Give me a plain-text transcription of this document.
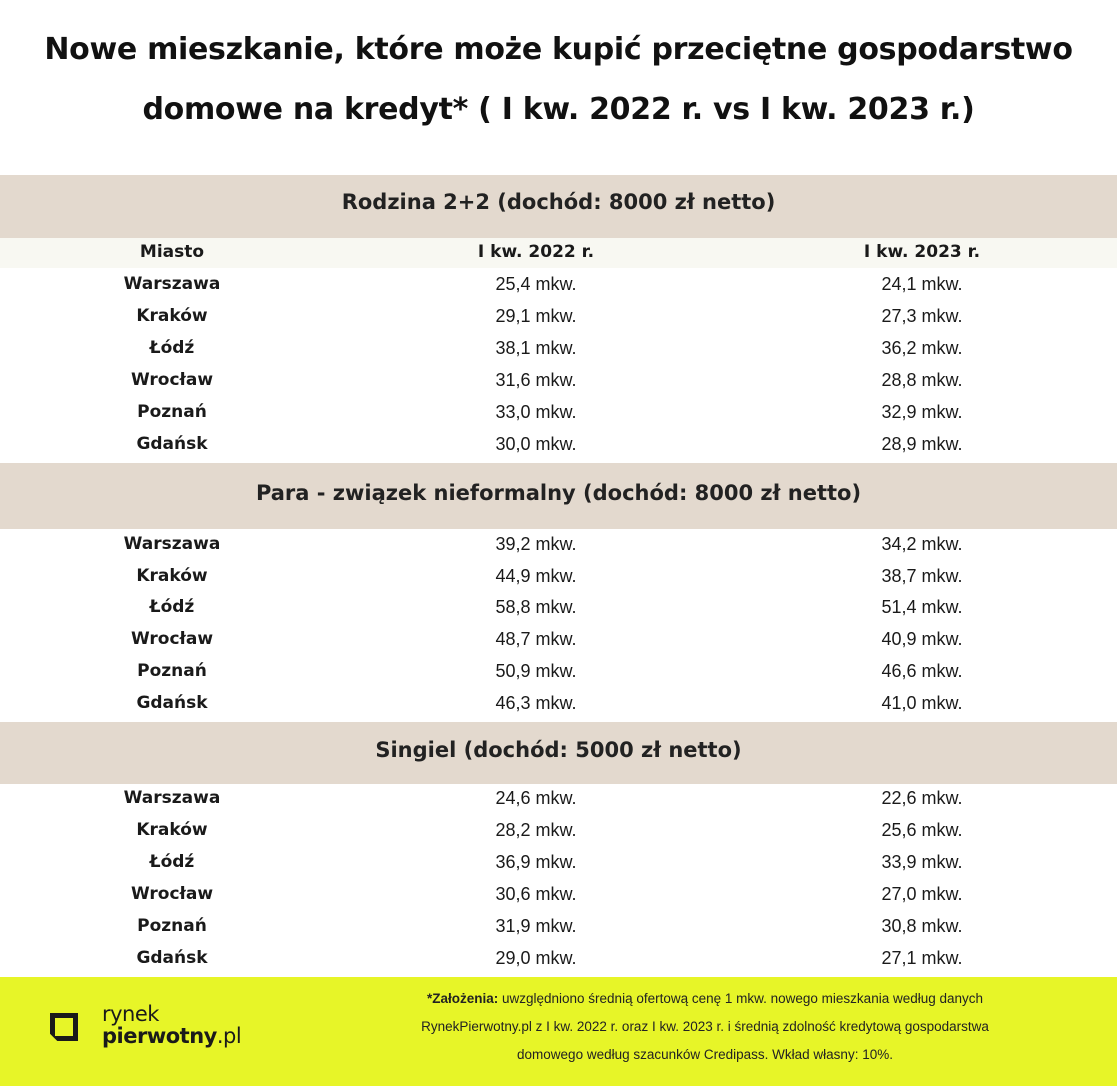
Nowe mieszkanie, które może kupić przeciętne gospodarstwo
domowe na kredyt* ( I kw. 2022 r. vs I kw. 2023 r.)
Rodzina 2+2 (dochód: 8000 zł netto)
Miasto	I kw. 2022 r.	I kw. 2023 r.
Warszawa	25,4 mkw.	24,1 mkw.
Kraków	29,1 mkw.	27,3 mkw.
Łódź	38,1 mkw.	36,2 mkw.
Wrocław	31,6 mkw.	28,8 mkw.
Poznań	33,0 mkw.	32,9 mkw.
Gdańsk	30,0 mkw.	28,9 mkw.
Para - związek nieformalny (dochód: 8000 zł netto)
Warszawa	39,2 mkw.	34,2 mkw.
Kraków	44,9 mkw.	38,7 mkw.
Łódź	58,8 mkw.	51,4 mkw.
Wrocław	48,7 mkw.	40,9 mkw.
Poznań	50,9 mkw.	46,6 mkw.
Gdańsk	46,3 mkw.	41,0 mkw.
Singiel (dochód: 5000 zł netto)
Warszawa	24,6 mkw.	22,6 mkw.
Kraków	28,2 mkw.	25,6 mkw.
Łódź	36,9 mkw.	33,9 mkw.
Wrocław	30,6 mkw.	27,0 mkw.
Poznań	31,9 mkw.	30,8 mkw.
Gdańsk	29,0 mkw.	27,1 mkw.
rynek
pierwotny.pl
*Założenia: uwzględniono średnią ofertową cenę 1 mkw. nowego mieszkania według danych
RynekPierwotny.pl z I kw. 2022 r. oraz I kw. 2023 r. i średnią zdolność kredytową gospodarstwa
domowego według szacunków Credipass. Wkład własny: 10%.
